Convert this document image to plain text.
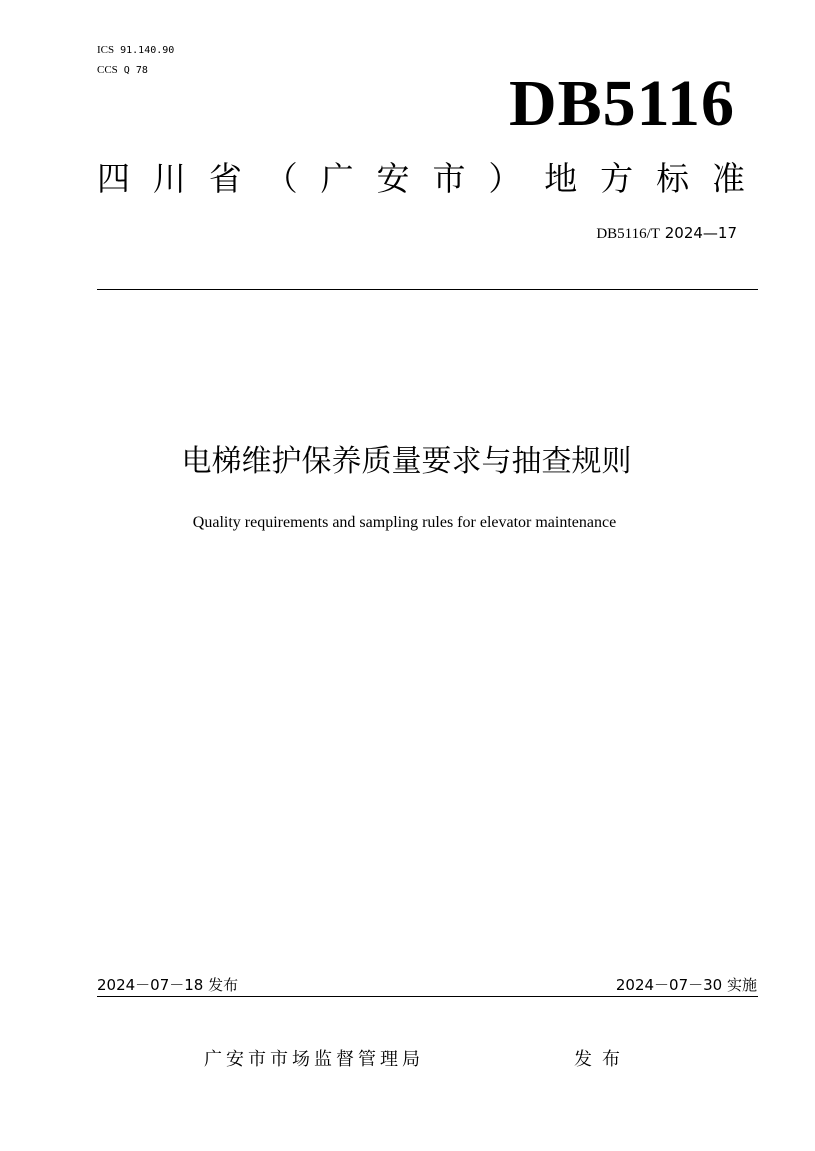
ICS 91.140.90
CCS Q 78	DB5116
四 川 省 （ 广 安 市 ） 地 方 标 准
DB5116/T 2024—17
电梯维护保养质量要求与抽查规则
Quality requirements and sampling rules for elevator maintenance
2024－07－18 发布	2024－07－30 实施
广安市市场监督管理局	发布
